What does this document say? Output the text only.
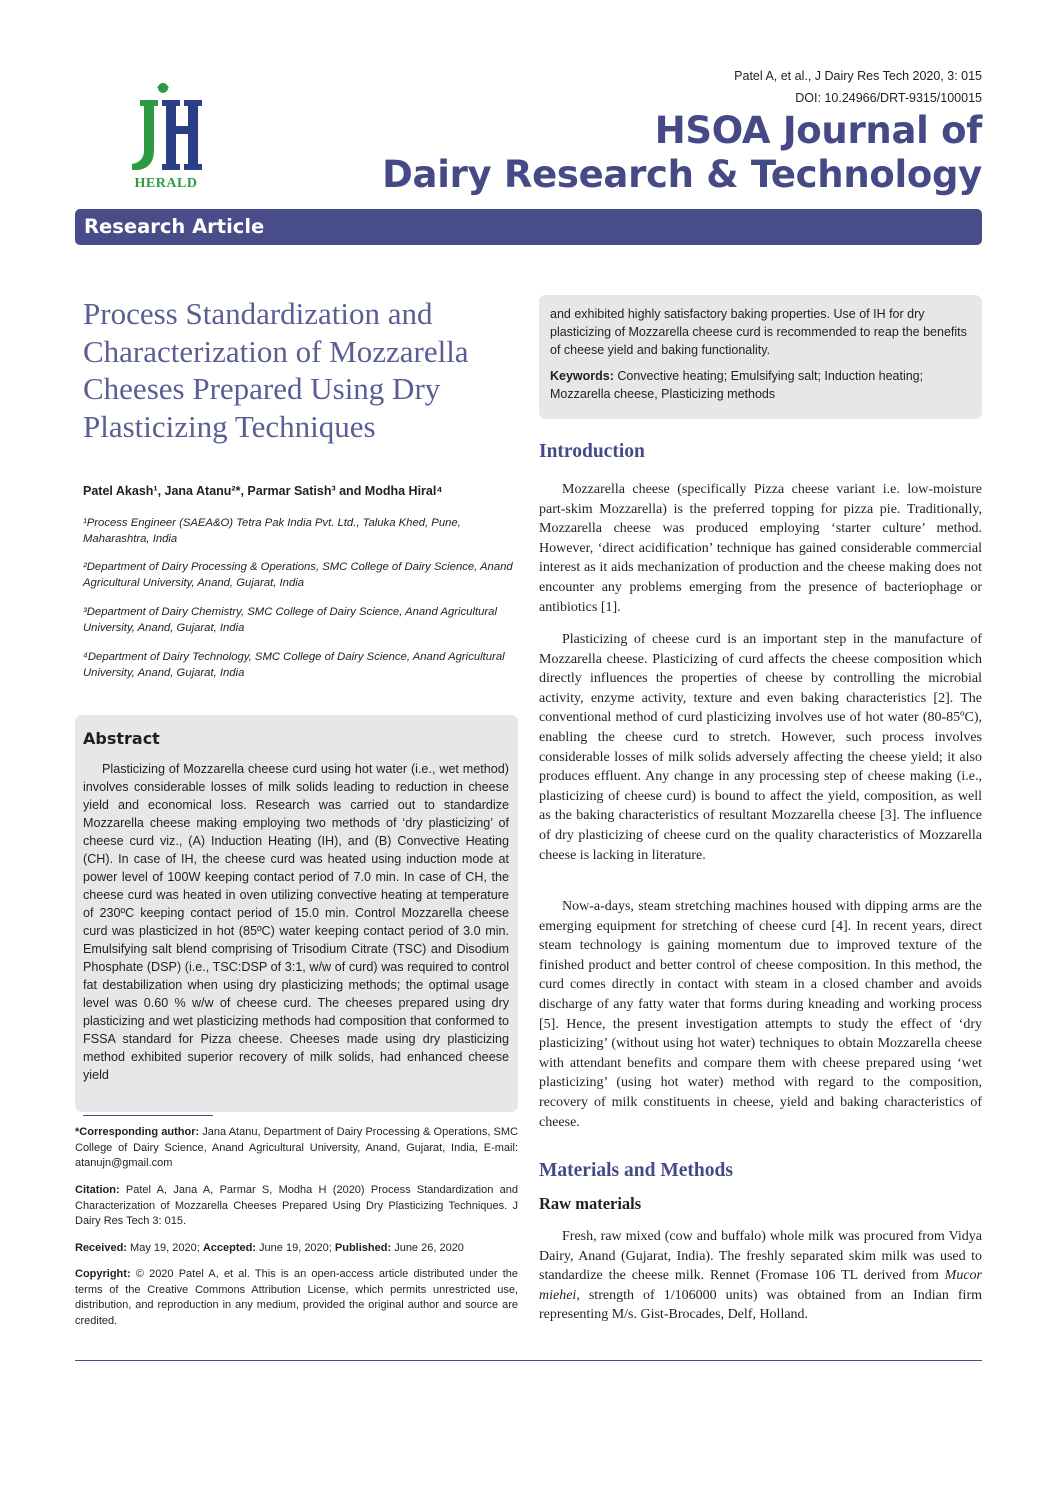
HERALD
Patel A, et al., J Dairy Res Tech 2020, 3: 015
DOI: 10.24966/DRT-9315/100015
HSOA Journal of
Dairy Research & Technology
Research Article
Process Standardization and Characterization of Mozzarella Cheeses Prepared Using Dry Plasticizing Techniques
Patel Akash¹, Jana Atanu²*, Parmar Satish³ and Modha Hiral⁴
¹Process Engineer (SAEA&O) Tetra Pak India Pvt. Ltd., Taluka Khed, Pune, Maharashtra, India
²Department of Dairy Processing & Operations, SMC College of Dairy Science, Anand Agricultural University, Anand, Gujarat, India
³Department of Dairy Chemistry, SMC College of Dairy Science, Anand Agricultural University, Anand, Gujarat, India
⁴Department of Dairy Technology, SMC College of Dairy Science, Anand Agricultural University, Anand, Gujarat, India
Abstract

Plasticizing of Mozzarella cheese curd using hot water (i.e., wet method) involves considerable losses of milk solids leading to reduction in cheese yield and economical loss. Research was carried out to standardize Mozzarella cheese making employing two methods of ‘dry plasticizing’ of cheese curd viz., (A) Induction Heating (IH), and (B) Convective Heating (CH). In case of IH, the cheese curd was heated using induction mode at power level of 100W keeping contact period of 7.0 min. In case of CH, the cheese curd was heated in oven utilizing convective heating at temperature of 230ºC keeping contact period of 15.0 min. Control Mozzarella cheese curd was plasticized in hot (85ºC) water keeping contact period of 3.0 min. Emulsifying salt blend comprising of Trisodium Citrate (TSC) and Disodium Phosphate (DSP) (i.e., TSC:DSP of 3:1, w/w of curd) was required to control fat destabilization when using dry plasticizing methods; the optimal usage level was 0.60 % w/w of cheese curd. The cheeses prepared using dry plasticizing and wet plasticizing methods had composition that conformed to FSSA standard for Pizza cheese. Cheeses made using dry plasticizing method exhibited superior recovery of milk solids, had enhanced cheese yield

*Corresponding author: Jana Atanu, Department of Dairy Processing & Operations, SMC College of Dairy Science, Anand Agricultural University, Anand, Gujarat, India, E-mail: atanujn@gmail.com
Citation: Patel A, Jana A, Parmar S, Modha H (2020) Process Standardization and Characterization of Mozzarella Cheeses Prepared Using Dry Plasticizing Techniques. J Dairy Res Tech 3: 015.
Received: May 19, 2020; Accepted: June 19, 2020; Published: June 26, 2020
Copyright: © 2020 Patel A, et al. This is an open-access article distributed under the terms of the Creative Commons Attribution License, which permits unrestricted use, distribution, and reproduction in any medium, provided the original author and source are credited.

and exhibited highly satisfactory baking properties. Use of IH for dry plasticizing of Mozzarella cheese curd is recommended to reap the benefits of cheese yield and baking functionality.

Keywords: Convective heating; Emulsifying salt; Induction heating; Mozzarella cheese, Plasticizing methods

Introduction

Mozzarella cheese (specifically Pizza cheese variant i.e. low-moisture part-skim Mozzarella) is the preferred topping for pizza pie. Traditionally, Mozzarella cheese was produced employing ‘starter culture’ method. However, ‘direct acidification’ technique has gained considerable commercial interest as it aids mechanization of production and the cheese making does not encounter any problems emerging from the presence of bacteriophage or antibiotics [1].

Plasticizing of cheese curd is an important step in the manufacture of Mozzarella cheese. Plasticizing of curd affects the cheese composition which directly influences the properties of cheese by controlling the microbial activity, enzyme activity, texture and even baking characteristics [2]. The conventional method of curd plasticizing involves use of hot water (80-85ºC), enabling the cheese curd to stretch. However, such process involves considerable losses of milk solids adversely affecting the cheese yield; it also produces effluent. Any change in any processing step of cheese making (i.e., plasticizing of cheese curd) is bound to affect the yield, composition, as well as the baking characteristics of resultant Mozzarella cheese [3]. The influence of dry plasticizing of cheese curd on the quality characteristics of Mozzarella cheese is lacking in literature.

Now-a-days, steam stretching machines housed with dipping arms are the emerging equipment for stretching of cheese curd [4]. In recent years, direct steam technology is gaining momentum due to improved texture of the finished product and better control of cheese composition. In this method, the curd comes directly in contact with steam in a closed chamber and avoids discharge of any fatty water that forms during kneading and working process [5]. Hence, the present investigation attempts to study the effect of ‘dry plasticizing’ (without using hot water) techniques to obtain Mozzarella cheese with attendant benefits and compare them with cheese prepared using ‘wet plasticizing’ (using hot water) method with regard to the composition, recovery of milk constituents in cheese, yield and baking characteristics of cheese.

Materials and Methods
Raw materials

Fresh, raw mixed (cow and buffalo) whole milk was procured from Vidya Dairy, Anand (Gujarat, India). The freshly separated skim milk was used to standardize the cheese milk. Rennet (Fromase 106 TL derived from Mucor miehei, strength of 1/106000 units) was obtained from an Indian firm representing M/s. Gist-Brocades, Delf, Holland.
